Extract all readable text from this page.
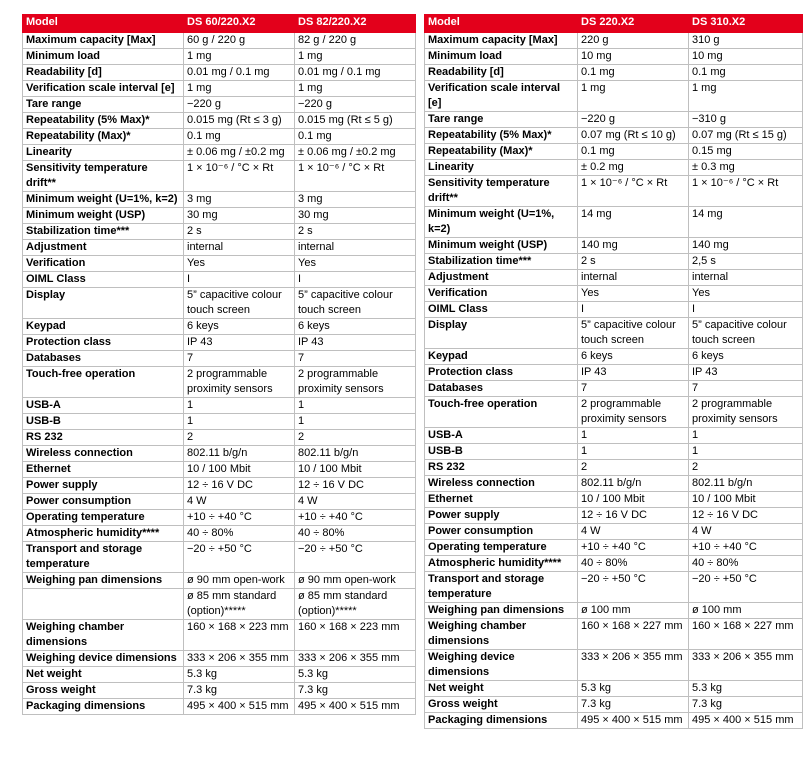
Model	DS 60/220.X2	DS 82/220.X2
Maximum capacity [Max]	60 g / 220 g	82 g / 220 g
Minimum load	1 mg	1 mg
Readability [d]	0.01 mg / 0.1 mg	0.01 mg / 0.1 mg
Verification scale interval [e]	1 mg	1 mg
Tare range	−220 g	−220 g
Repeatability (5% Max)*	0.015 mg (Rt ≤ 3 g)	0.015 mg (Rt ≤ 5 g)
Repeatability (Max)*	0.1 mg	0.1 mg
Linearity	± 0.06 mg / ±0.2 mg	± 0.06 mg / ±0.2 mg
Sensitivity temperature drift**	1 × 10⁻⁶ / °C × Rt	1 × 10⁻⁶ / °C × Rt
Minimum weight (U=1%, k=2)	3 mg	3 mg
Minimum weight (USP)	30 mg	30 mg
Stabilization time***	2 s	2 s
Adjustment	internal	internal
Verification	Yes	Yes
OIML Class	I	I
Display	5” capacitive colour touch screen	5” capacitive colour touch screen
Keypad	6 keys	6 keys
Protection class	IP 43	IP 43
Databases	7	7
Touch-free operation	2 programmable proximity sensors	2 programmable proximity sensors
USB-A	1	1
USB-B	1	1
RS 232	2	2
Wireless connection	802.11 b/g/n	802.11 b/g/n
Ethernet	10 / 100 Mbit	10 / 100 Mbit
Power supply	12 ÷ 16 V DC	12 ÷ 16 V DC
Power consumption	4 W	4 W
Operating temperature	+10 ÷ +40 °C	+10 ÷ +40 °C
Atmospheric humidity****	40 ÷ 80%	40 ÷ 80%
Transport and storage temperature	−20 ÷ +50 °C	−20 ÷ +50 °C
Weighing pan dimensions	ø 90 mm open-work	ø 90 mm open-work
	ø 85 mm standard (option)*****	ø 85 mm standard (option)*****
Weighing chamber dimensions	160 × 168 × 223 mm	160 × 168 × 223 mm
Weighing device dimensions	333 × 206 × 355 mm	333 × 206 × 355 mm
Net weight	5.3 kg	5.3 kg
Gross weight	7.3 kg	7.3 kg
Packaging dimensions	495 × 400 × 515 mm	495 × 400 × 515 mm
Model	DS 220.X2	DS 310.X2
Maximum capacity [Max]	220 g	310 g
Minimum load	10 mg	10 mg
Readability [d]	0.1 mg	0.1 mg
Verification scale interval [e]	1 mg	1 mg
Tare range	−220 g	−310 g
Repeatability (5% Max)*	0.07 mg (Rt ≤ 10 g)	0.07 mg (Rt ≤ 15 g)
Repeatability (Max)*	0.1 mg	0.15 mg
Linearity	± 0.2 mg	± 0.3 mg
Sensitivity temperature drift**	1 × 10⁻⁶ / °C × Rt	1 × 10⁻⁶ / °C × Rt
Minimum weight (U=1%, k=2)	14 mg	14 mg
Minimum weight (USP)	140 mg	140 mg
Stabilization time***	2 s	2,5 s
Adjustment	internal	internal
Verification	Yes	Yes
OIML Class	I	I
Display	5” capacitive colour touch screen	5” capacitive colour touch screen
Keypad	6 keys	6 keys
Protection class	IP 43	IP 43
Databases	7	7
Touch-free operation	2 programmable proximity sensors	2 programmable proximity sensors
USB-A	1	1
USB-B	1	1
RS 232	2	2
Wireless connection	802.11 b/g/n	802.11 b/g/n
Ethernet	10 / 100 Mbit	10 / 100 Mbit
Power supply	12 ÷ 16 V DC	12 ÷ 16 V DC
Power consumption	4 W	4 W
Operating temperature	+10 ÷ +40 °C	+10 ÷ +40 °C
Atmospheric humidity****	40 ÷ 80%	40 ÷ 80%
Transport and storage temperature	−20 ÷ +50 °C	−20 ÷ +50 °C
Weighing pan dimensions	ø 100 mm	ø 100 mm
Weighing chamber dimensions	160 × 168 × 227 mm	160 × 168 × 227 mm
Weighing device dimensions	333 × 206 × 355 mm	333 × 206 × 355 mm
Net weight	5.3 kg	5.3 kg
Gross weight	7.3 kg	7.3 kg
Packaging dimensions	495 × 400 × 515 mm	495 × 400 × 515 mm
